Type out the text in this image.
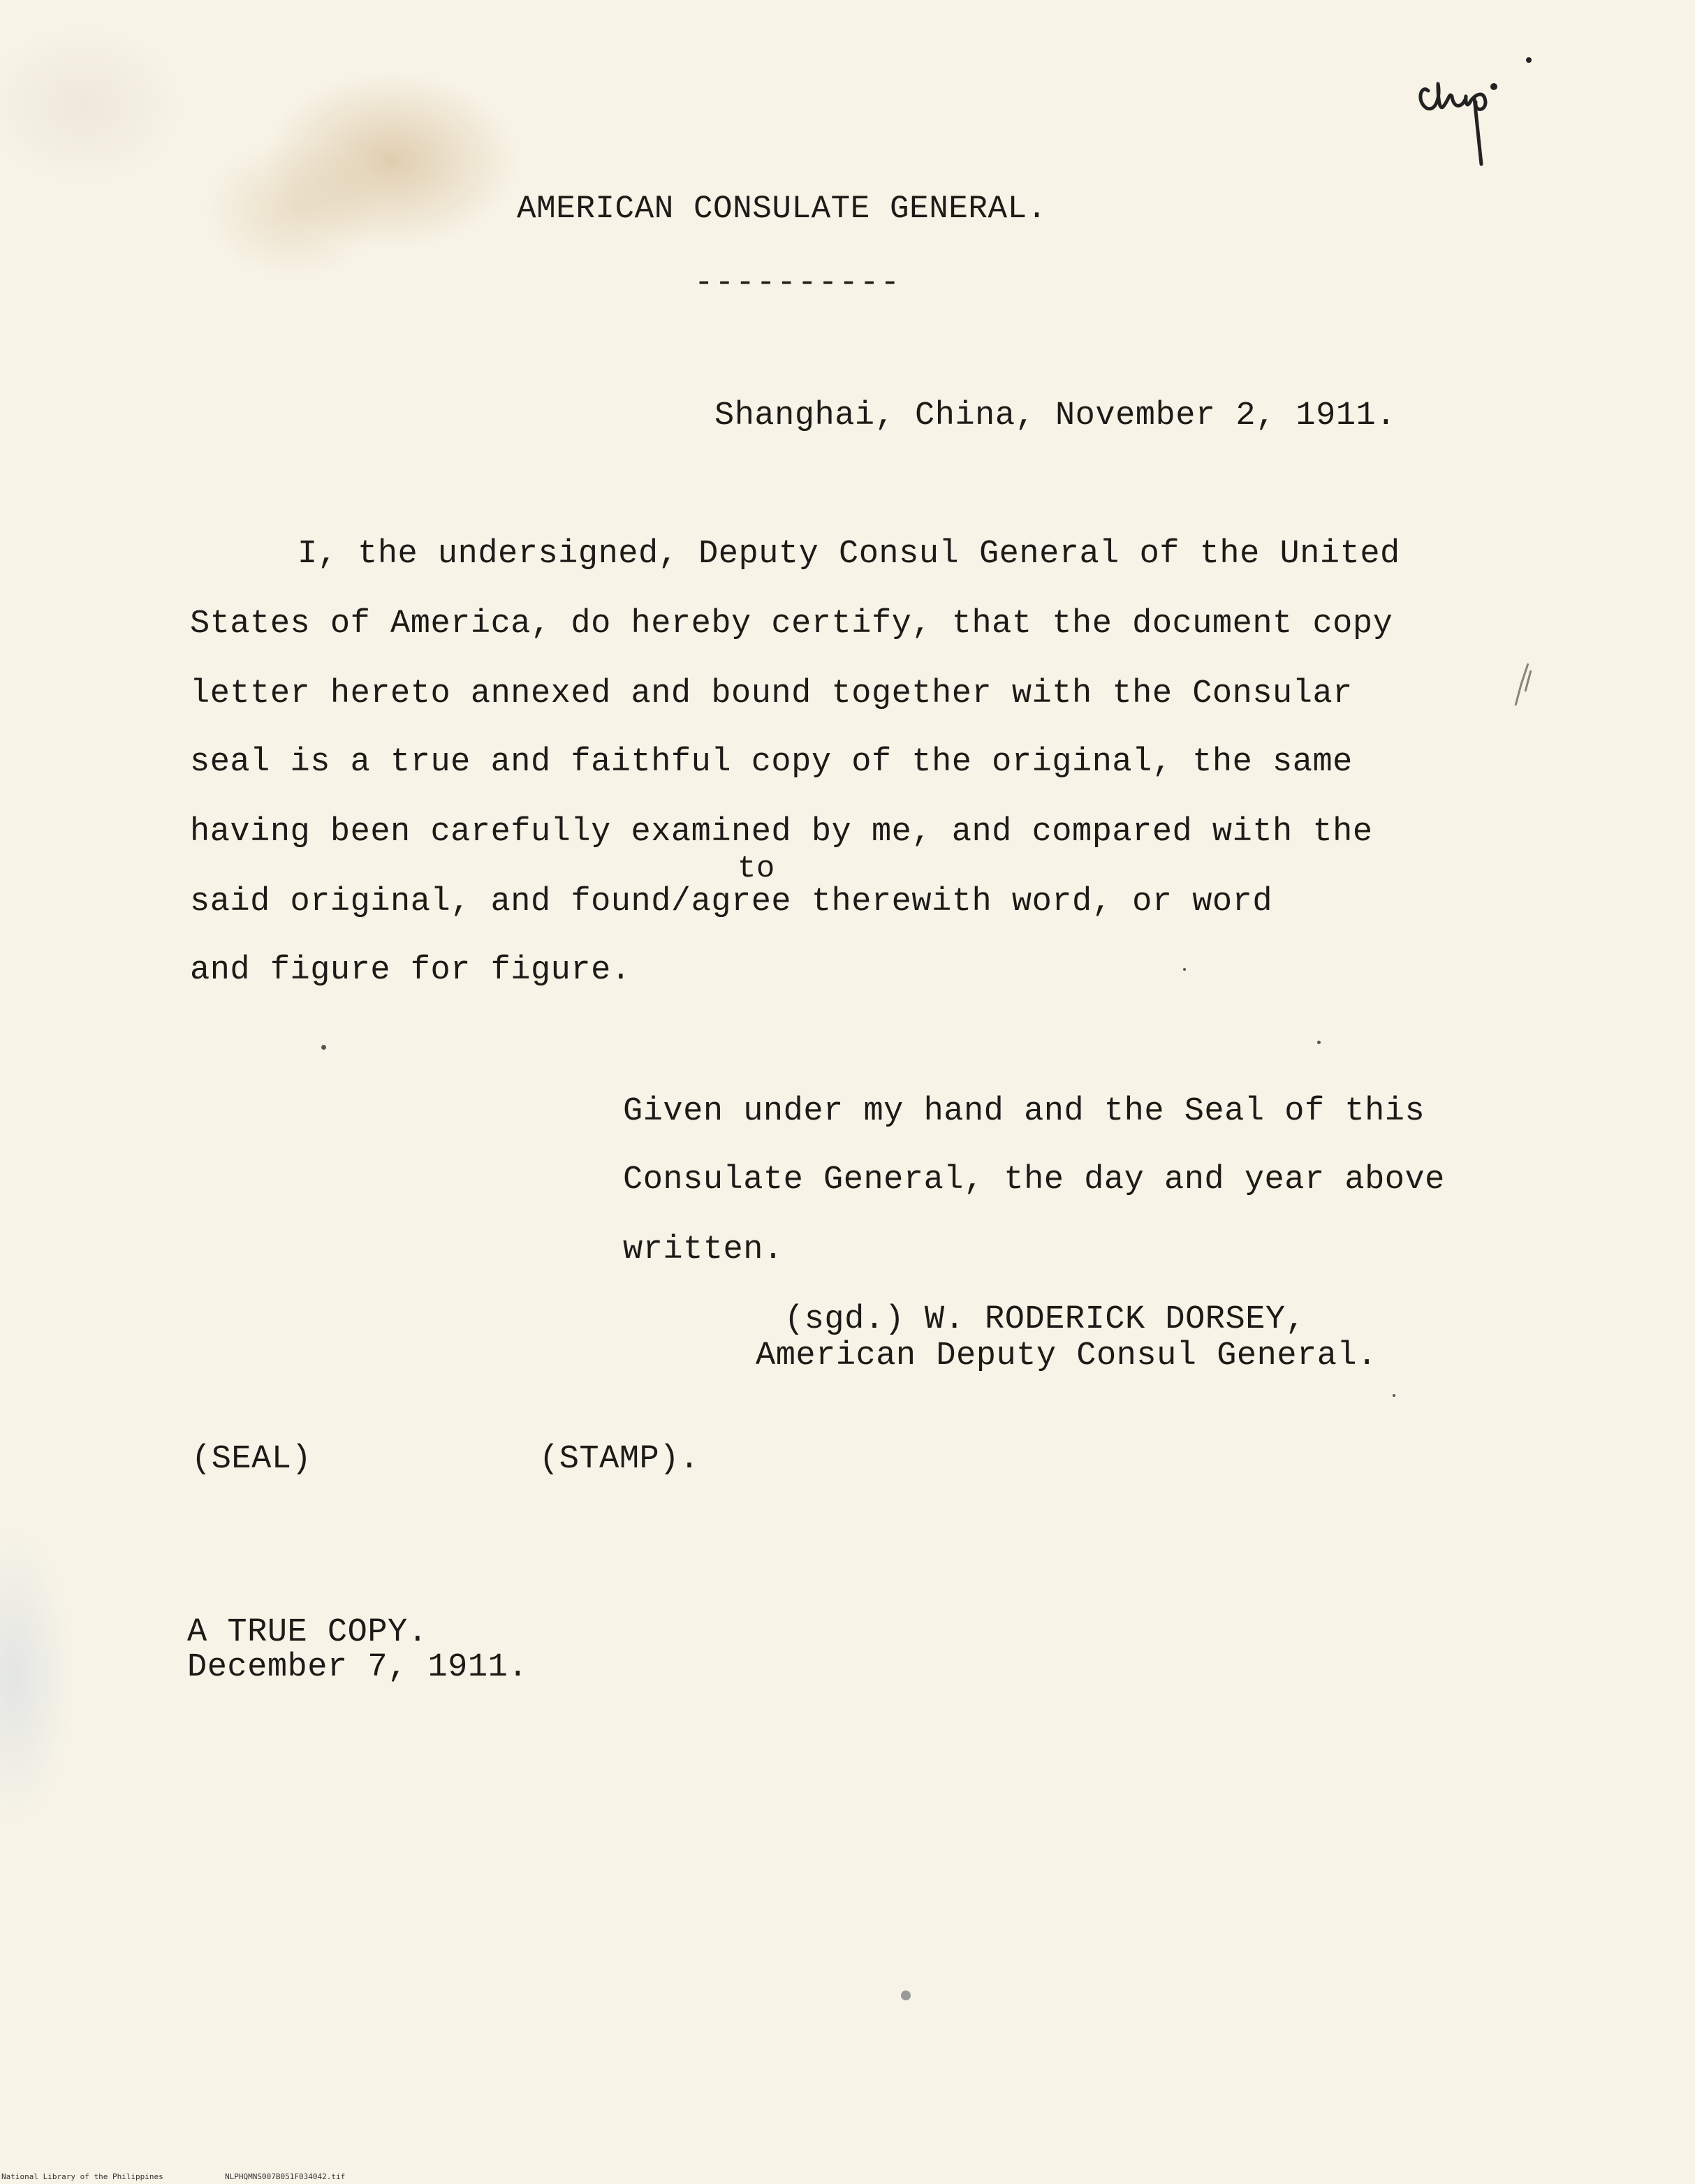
AMERICAN CONSULATE GENERAL.
----------
Shanghai, China, November 2, 1911.
I, the undersigned, Deputy Consul General of the United
States of America, do hereby certify, that the document copy
letter hereto annexed and bound together with the Consular
seal is a true and faithful copy of the original, the same
having been carefully examined by me, and compared with the
to
said original, and found/agree therewith word, or word
and figure for figure.
Given under my hand and the Seal of this
Consulate General, the day and year above
written.
(sgd.) W. RODERICK DORSEY,
American Deputy Consul General.
(SEAL)	(STAMP).
A TRUE COPY.
December 7, 1911.
National Library of the Philippines	NLPHQMNS007B051F034042.tif
